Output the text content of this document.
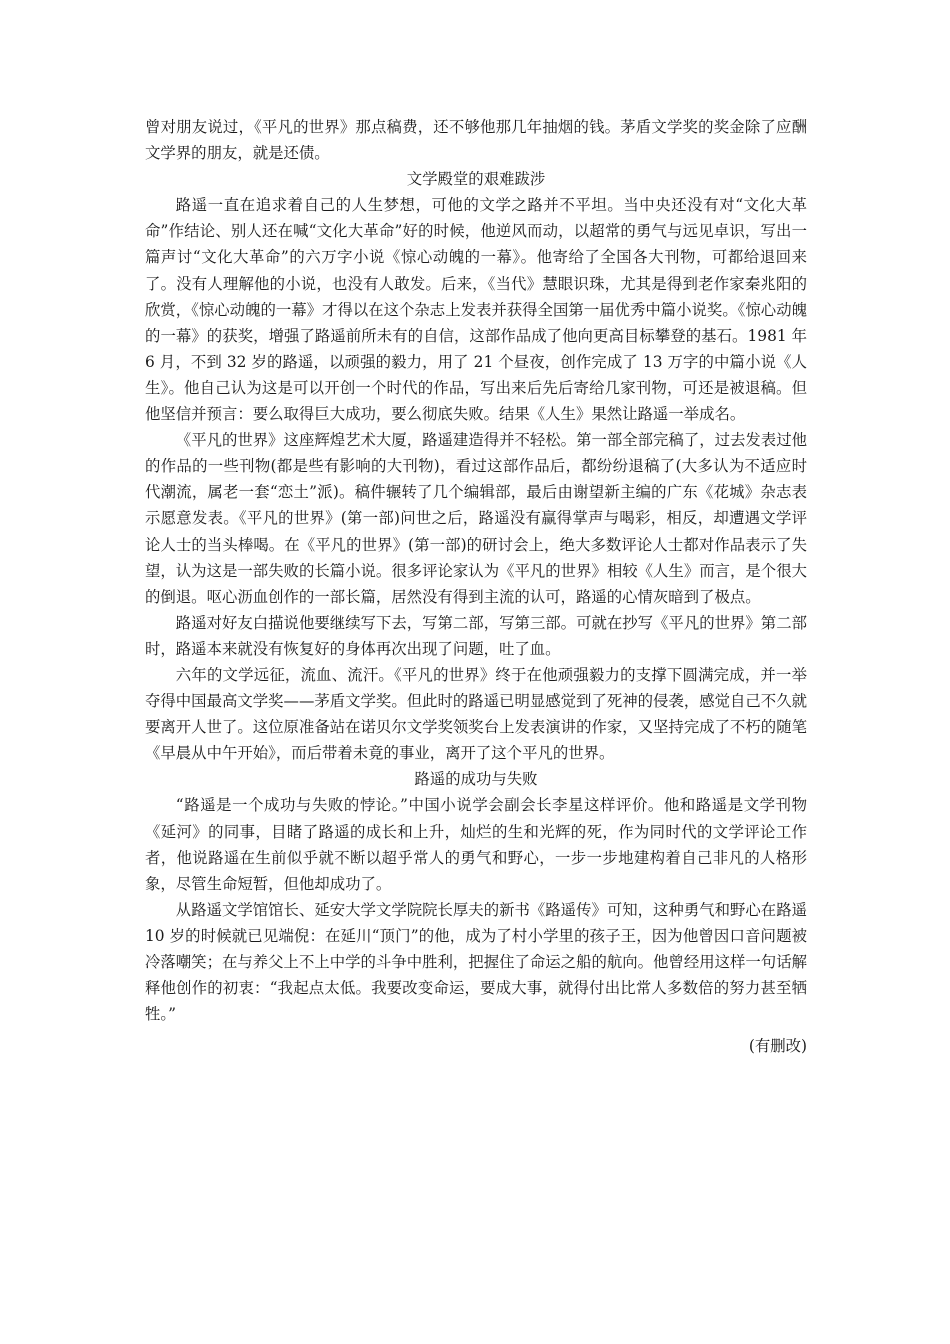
曾对朋友说过，《平凡的世界》那点稿费，还不够他那几年抽烟的钱。茅盾文学奖的奖金除了应酬文学界的朋友，就是还债。

文学殿堂的艰难跋涉

路遥一直在追求着自己的人生梦想，可他的文学之路并不平坦。当中央还没有对“文化大革命”作结论、别人还在喊“文化大革命”好的时候，他逆风而动，以超常的勇气与远见卓识，写出一篇声讨“文化大革命”的六万字小说《惊心动魄的一幕》。他寄给了全国各大刊物，可都给退回来了。没有人理解他的小说，也没有人敢发。后来，《当代》慧眼识珠，尤其是得到老作家秦兆阳的欣赏，《惊心动魄的一幕》才得以在这个杂志上发表并获得全国第一届优秀中篇小说奖。《惊心动魄的一幕》的获奖，增强了路遥前所未有的自信，这部作品成了他向更高目标攀登的基石。1981 年 6 月，不到 32 岁的路遥，以顽强的毅力，用了 21 个昼夜，创作完成了 13 万字的中篇小说《人生》。他自己认为这是可以开创一个时代的作品，写出来后先后寄给几家刊物，可还是被退稿。但他坚信并预言：要么取得巨大成功，要么彻底失败。结果《人生》果然让路遥一举成名。

《平凡的世界》这座辉煌艺术大厦，路遥建造得并不轻松。第一部全部完稿了，过去发表过他的作品的一些刊物(都是些有影响的大刊物)，看过这部作品后，都纷纷退稿了(大多认为不适应时代潮流，属老一套“恋土”派)。稿件辗转了几个编辑部，最后由谢望新主编的广东《花城》杂志表示愿意发表。《平凡的世界》(第一部)问世之后，路遥没有赢得掌声与喝彩，相反，却遭遇文学评论人士的当头棒喝。在《平凡的世界》(第一部)的研讨会上，绝大多数评论人士都对作品表示了失望，认为这是一部失败的长篇小说。很多评论家认为《平凡的世界》相较《人生》而言，是个很大的倒退。呕心沥血创作的一部长篇，居然没有得到主流的认可，路遥的心情灰暗到了极点。

路遥对好友白描说他要继续写下去，写第二部，写第三部。可就在抄写《平凡的世界》第二部时，路遥本来就没有恢复好的身体再次出现了问题，吐了血。

六年的文学远征，流血、流汗。《平凡的世界》终于在他顽强毅力的支撑下圆满完成，并一举夺得中国最高文学奖——茅盾文学奖。但此时的路遥已明显感觉到了死神的侵袭，感觉自己不久就要离开人世了。这位原准备站在诺贝尔文学奖领奖台上发表演讲的作家，又坚持完成了不朽的随笔《早晨从中午开始》，而后带着未竟的事业，离开了这个平凡的世界。

路遥的成功与失败

“路遥是一个成功与失败的悖论。”中国小说学会副会长李星这样评价。他和路遥是文学刊物《延河》的同事，目睹了路遥的成长和上升，灿烂的生和光辉的死，作为同时代的文学评论工作者，他说路遥在生前似乎就不断以超乎常人的勇气和野心，一步一步地建构着自己非凡的人格形象，尽管生命短暂，但他却成功了。

从路遥文学馆馆长、延安大学文学院院长厚夫的新书《路遥传》可知，这种勇气和野心在路遥 10 岁的时候就已见端倪：在延川“顶门”的他，成为了村小学里的孩子王，因为他曾因口音问题被冷落嘲笑；在与养父上不上中学的斗争中胜利，把握住了命运之船的航向。他曾经用这样一句话解释他创作的初衷：“我起点太低。我要改变命运，要成大事，就得付出比常人多数倍的努力甚至牺牲。”

(有删改)
